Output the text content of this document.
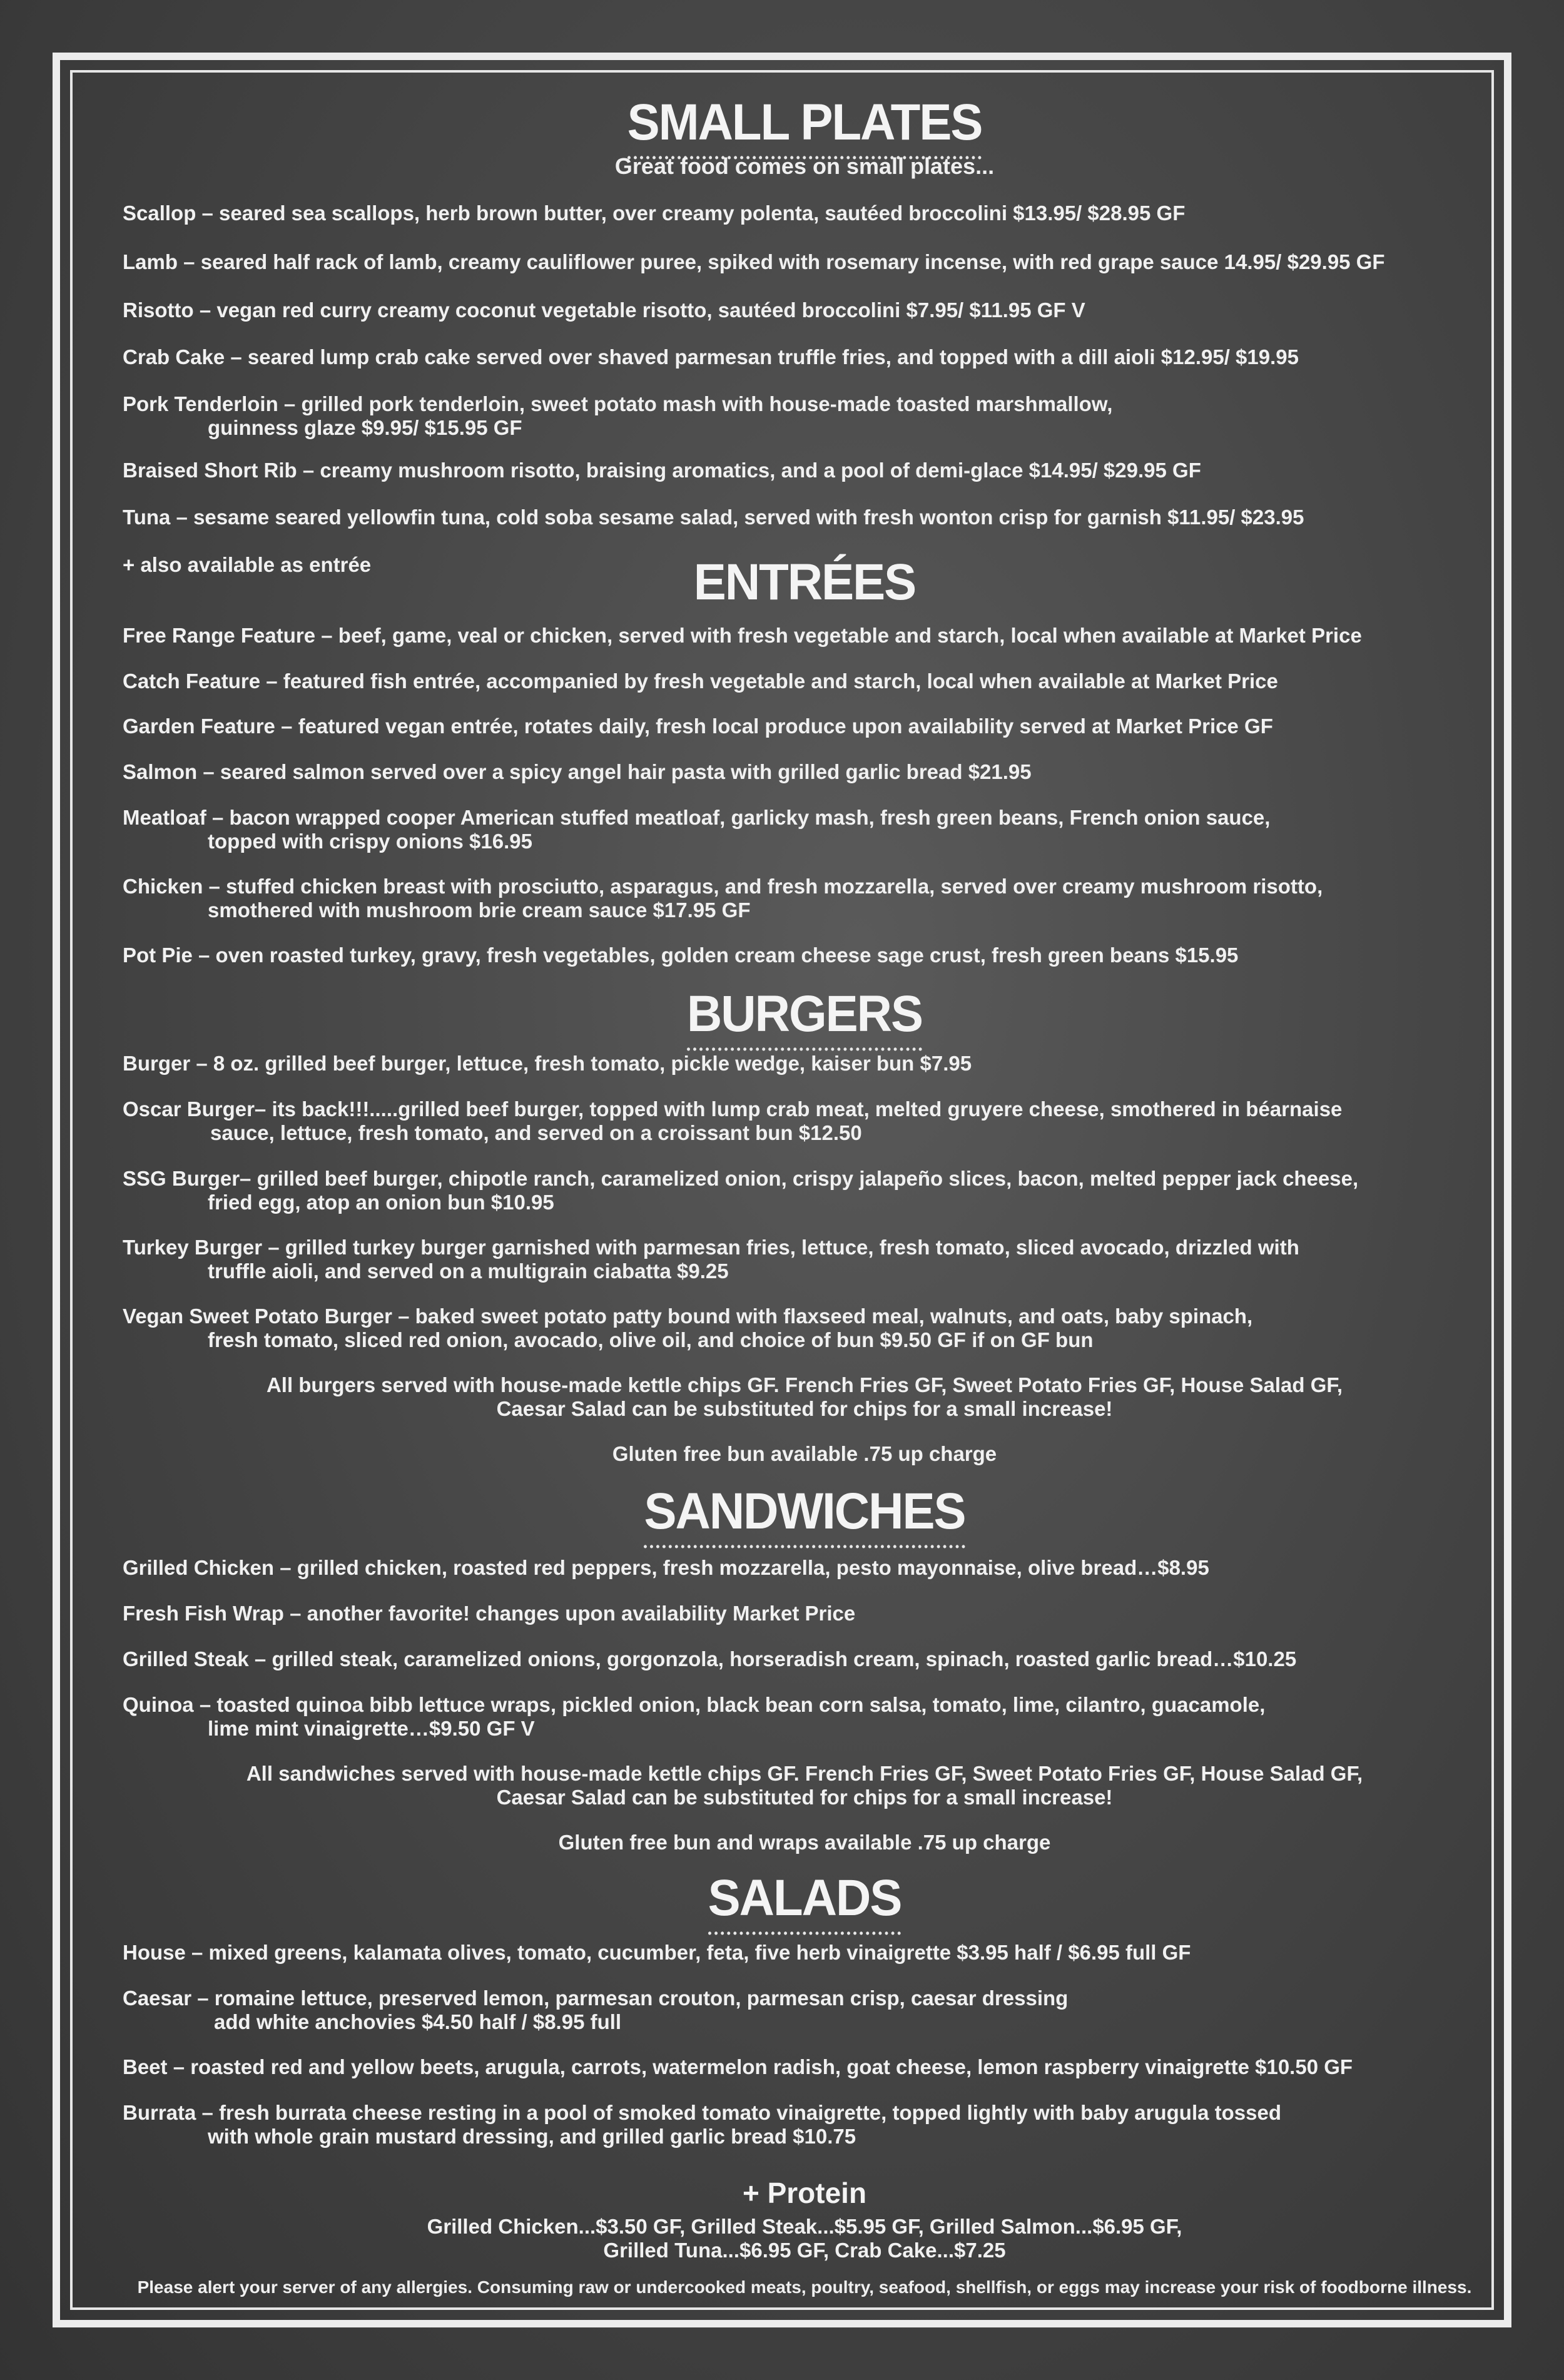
SMALL PLATES
Great food comes on small plates...
Scallop – seared sea scallops, herb brown butter, over creamy polenta, sautéed broccolini $13.95/ $28.95 GF
Lamb – seared half rack of lamb, creamy cauliflower puree, spiked with rosemary incense, with red grape sauce 14.95/ $29.95 GF
Risotto – vegan red curry creamy coconut vegetable risotto, sautéed broccolini $7.95/ $11.95 GF V
Crab Cake – seared lump crab cake served over shaved parmesan truffle fries, and topped with a dill aioli $12.95/ $19.95
Pork Tenderloin – grilled pork tenderloin, sweet potato mash with house-made toasted marshmallow,
guinness glaze $9.95/ $15.95 GF
Braised Short Rib – creamy mushroom risotto, braising aromatics, and a pool of demi-glace $14.95/ $29.95 GF
Tuna – sesame seared yellowfin tuna, cold soba sesame salad, served with fresh wonton crisp for garnish $11.95/ $23.95
+ also available as entrée	ENTRÉES
Free Range Feature – beef, game, veal or chicken, served with fresh vegetable and starch, local when available at Market Price
Catch Feature – featured fish entrée, accompanied by fresh vegetable and starch, local when available at Market Price
Garden Feature – featured vegan entrée, rotates daily, fresh local produce upon availability served at Market Price GF
Salmon – seared salmon served over a spicy angel hair pasta with grilled garlic bread $21.95
Meatloaf – bacon wrapped cooper American stuffed meatloaf, garlicky mash, fresh green beans, French onion sauce,
topped with crispy onions $16.95
Chicken – stuffed chicken breast with prosciutto, asparagus, and fresh mozzarella, served over creamy mushroom risotto,
smothered with mushroom brie cream sauce $17.95 GF
Pot Pie – oven roasted turkey, gravy, fresh vegetables, golden cream cheese sage crust, fresh green beans $15.95
BURGERS
Burger – 8 oz. grilled beef burger, lettuce, fresh tomato, pickle wedge, kaiser bun $7.95
Oscar Burger– its back!!!.....grilled beef burger, topped with lump crab meat, melted gruyere cheese, smothered in béarnaise
sauce, lettuce, fresh tomato, and served on a croissant bun $12.50
SSG Burger– grilled beef burger, chipotle ranch, caramelized onion, crispy jalapeño slices, bacon, melted pepper jack cheese,
fried egg, atop an onion bun $10.95
Turkey Burger – grilled turkey burger garnished with parmesan fries, lettuce, fresh tomato, sliced avocado, drizzled with
truffle aioli, and served on a multigrain ciabatta $9.25
Vegan Sweet Potato Burger – baked sweet potato patty bound with flaxseed meal, walnuts, and oats, baby spinach,
fresh tomato, sliced red onion, avocado, olive oil, and choice of bun $9.50 GF if on GF bun
All burgers served with house-made kettle chips GF. French Fries GF, Sweet Potato Fries GF, House Salad GF,
Caesar Salad can be substituted for chips for a small increase!
Gluten free bun available .75 up charge
SANDWICHES
Grilled Chicken – grilled chicken, roasted red peppers, fresh mozzarella, pesto mayonnaise, olive bread…$8.95
Fresh Fish Wrap – another favorite! changes upon availability Market Price
Grilled Steak – grilled steak, caramelized onions, gorgonzola, horseradish cream, spinach, roasted garlic bread…$10.25
Quinoa – toasted quinoa bibb lettuce wraps, pickled onion, black bean corn salsa, tomato, lime, cilantro, guacamole,
lime mint vinaigrette…$9.50 GF V
All sandwiches served with house-made kettle chips GF. French Fries GF, Sweet Potato Fries GF, House Salad GF,
Caesar Salad can be substituted for chips for a small increase!
Gluten free bun and wraps available .75 up charge
SALADS
House – mixed greens, kalamata olives, tomato, cucumber, feta, five herb vinaigrette $3.95 half / $6.95 full GF
Caesar – romaine lettuce, preserved lemon, parmesan crouton, parmesan crisp, caesar dressing
add white anchovies $4.50 half / $8.95 full
Beet – roasted red and yellow beets, arugula, carrots, watermelon radish, goat cheese, lemon raspberry vinaigrette $10.50 GF
Burrata – fresh burrata cheese resting in a pool of smoked tomato vinaigrette, topped lightly with baby arugula tossed
with whole grain mustard dressing, and grilled garlic bread $10.75
+ Protein
Grilled Chicken...$3.50 GF, Grilled Steak...$5.95 GF, Grilled Salmon...$6.95 GF,
Grilled Tuna...$6.95 GF, Crab Cake...$7.25
Please alert your server of any allergies. Consuming raw or undercooked meats, poultry, seafood, shellfish, or eggs may increase your risk of foodborne illness.
